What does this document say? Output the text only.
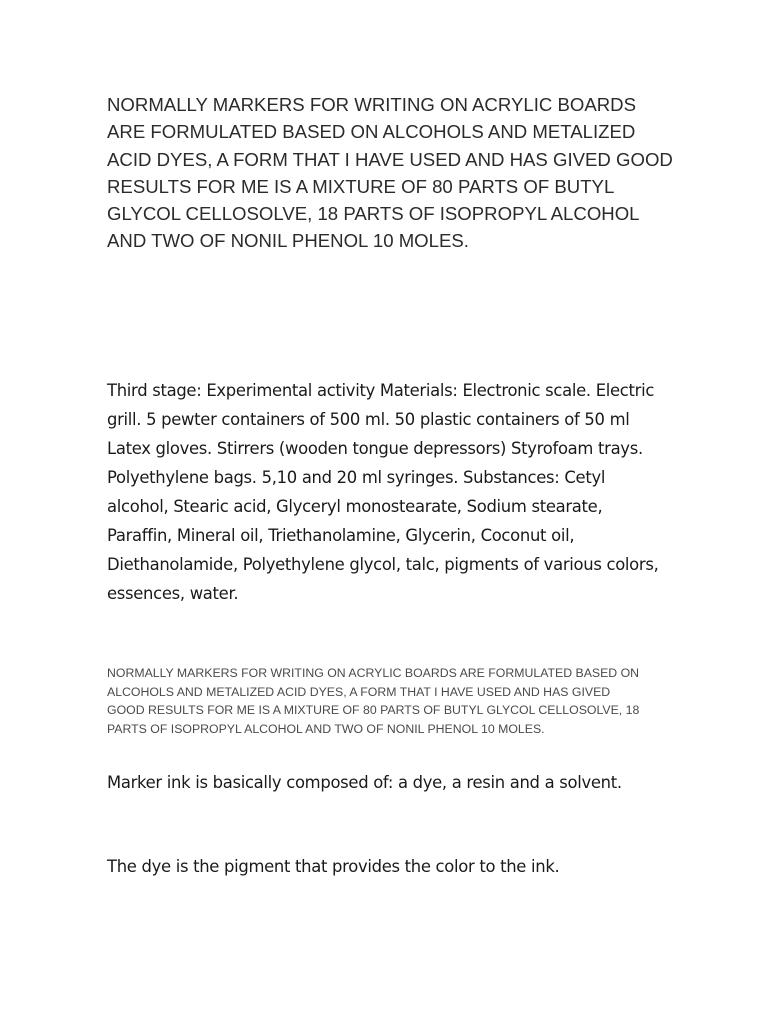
NORMALLY MARKERS FOR WRITING ON ACRYLIC BOARDS ARE FORMULATED BASED ON ALCOHOLS AND METALIZED ACID DYES, A FORM THAT I HAVE USED AND HAS GIVED GOOD RESULTS FOR ME IS A MIXTURE OF 80 PARTS OF BUTYL GLYCOL CELLOSOLVE, 18 PARTS OF ISOPROPYL ALCOHOL AND TWO OF NONIL PHENOL 10 MOLES.

Third stage: Experimental activity Materials: Electronic scale. Electric grill. 5 pewter containers of 500 ml. 50 plastic containers of 50 ml Latex gloves. Stirrers (wooden tongue depressors) Styrofoam trays. Polyethylene bags. 5,10 and 20 ml syringes. Substances: Cetyl alcohol, Stearic acid, Glyceryl monostearate, Sodium stearate, Paraffin, Mineral oil, Triethanolamine, Glycerin, Coconut oil, Diethanolamide, Polyethylene glycol, talc, pigments of various colors, essences, water.

NORMALLY MARKERS FOR WRITING ON ACRYLIC BOARDS ARE FORMULATED BASED ON ALCOHOLS AND METALIZED ACID DYES, A FORM THAT I HAVE USED AND HAS GIVED GOOD RESULTS FOR ME IS A MIXTURE OF 80 PARTS OF BUTYL GLYCOL CELLOSOLVE, 18 PARTS OF ISOPROPYL ALCOHOL AND TWO OF NONIL PHENOL 10 MOLES.

Marker ink is basically composed of: a dye, a resin and a solvent.

The dye is the pigment that provides the color to the ink.
